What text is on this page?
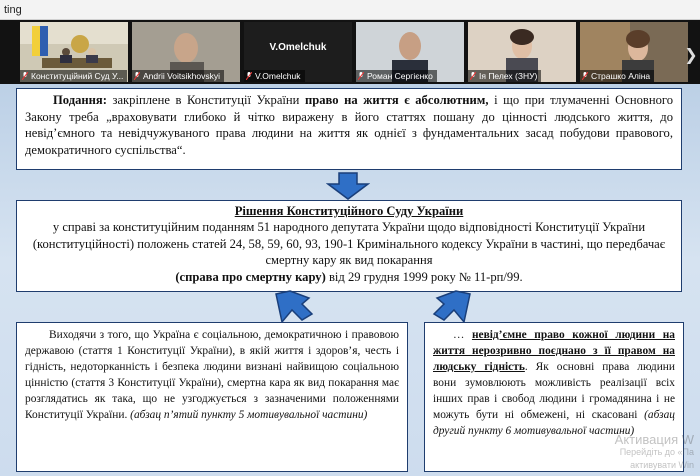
ting
Конституційний Суд У...	Andrii Voitsikhovskyi
V.Omelchuk
V.Omelchuk	Роман Сергієнко	Ія Пелех (ЗНУ)	Страшко Аліна
❯
Подання: закріплене в Конституції України право на життя є абсолютним, і що при тлумаченні Основного Закону треба „враховувати глибоко й чітко виражену в його статтях пошану до цінності людського життя, до невід’ємного та невідчужуваного права людини на життя як однієї з фундаментальних засад побудови правового, демократичного суспільства“.
Рішення Конституційного Суду України
у справі за конституційним поданням 51 народного депутата України щодо відповідності Конституції України (конституційності) положень статей 24, 58, 59, 60, 93, 190-1 Кримінального кодексу України в частині, що передбачає смертну кару як вид покарання
(справа про смертну кару) від 29 грудня 1999 року № 11-рп/99.
Виходячи з того, що Україна є соціальною, демократичною і правовою державою (стаття 1 Конституції України), в якій життя і здоров’я, честь і гідність, недоторканність і безпека людини визнані найвищою соціальною цінністю (стаття 3 Конституції України), смертна кара як вид покарання має розглядатись як така, що не узгоджується з зазначеними положеннями Конституції України. (абзац п’ятий пункту 5 мотивувальної частини)
… невід’ємне право кожної людини на життя нерозривно поєднано з її правом на людську гідність. Як основні права людини вони зумовлюють можливість реалізації всіх інших прав і свобод людини і громадянина і не можуть бути ні обмежені, ні скасовані (абзац другий пункту 6 мотивувальної частини)
Активация W
Перейдіть до «Па
активувати Win
